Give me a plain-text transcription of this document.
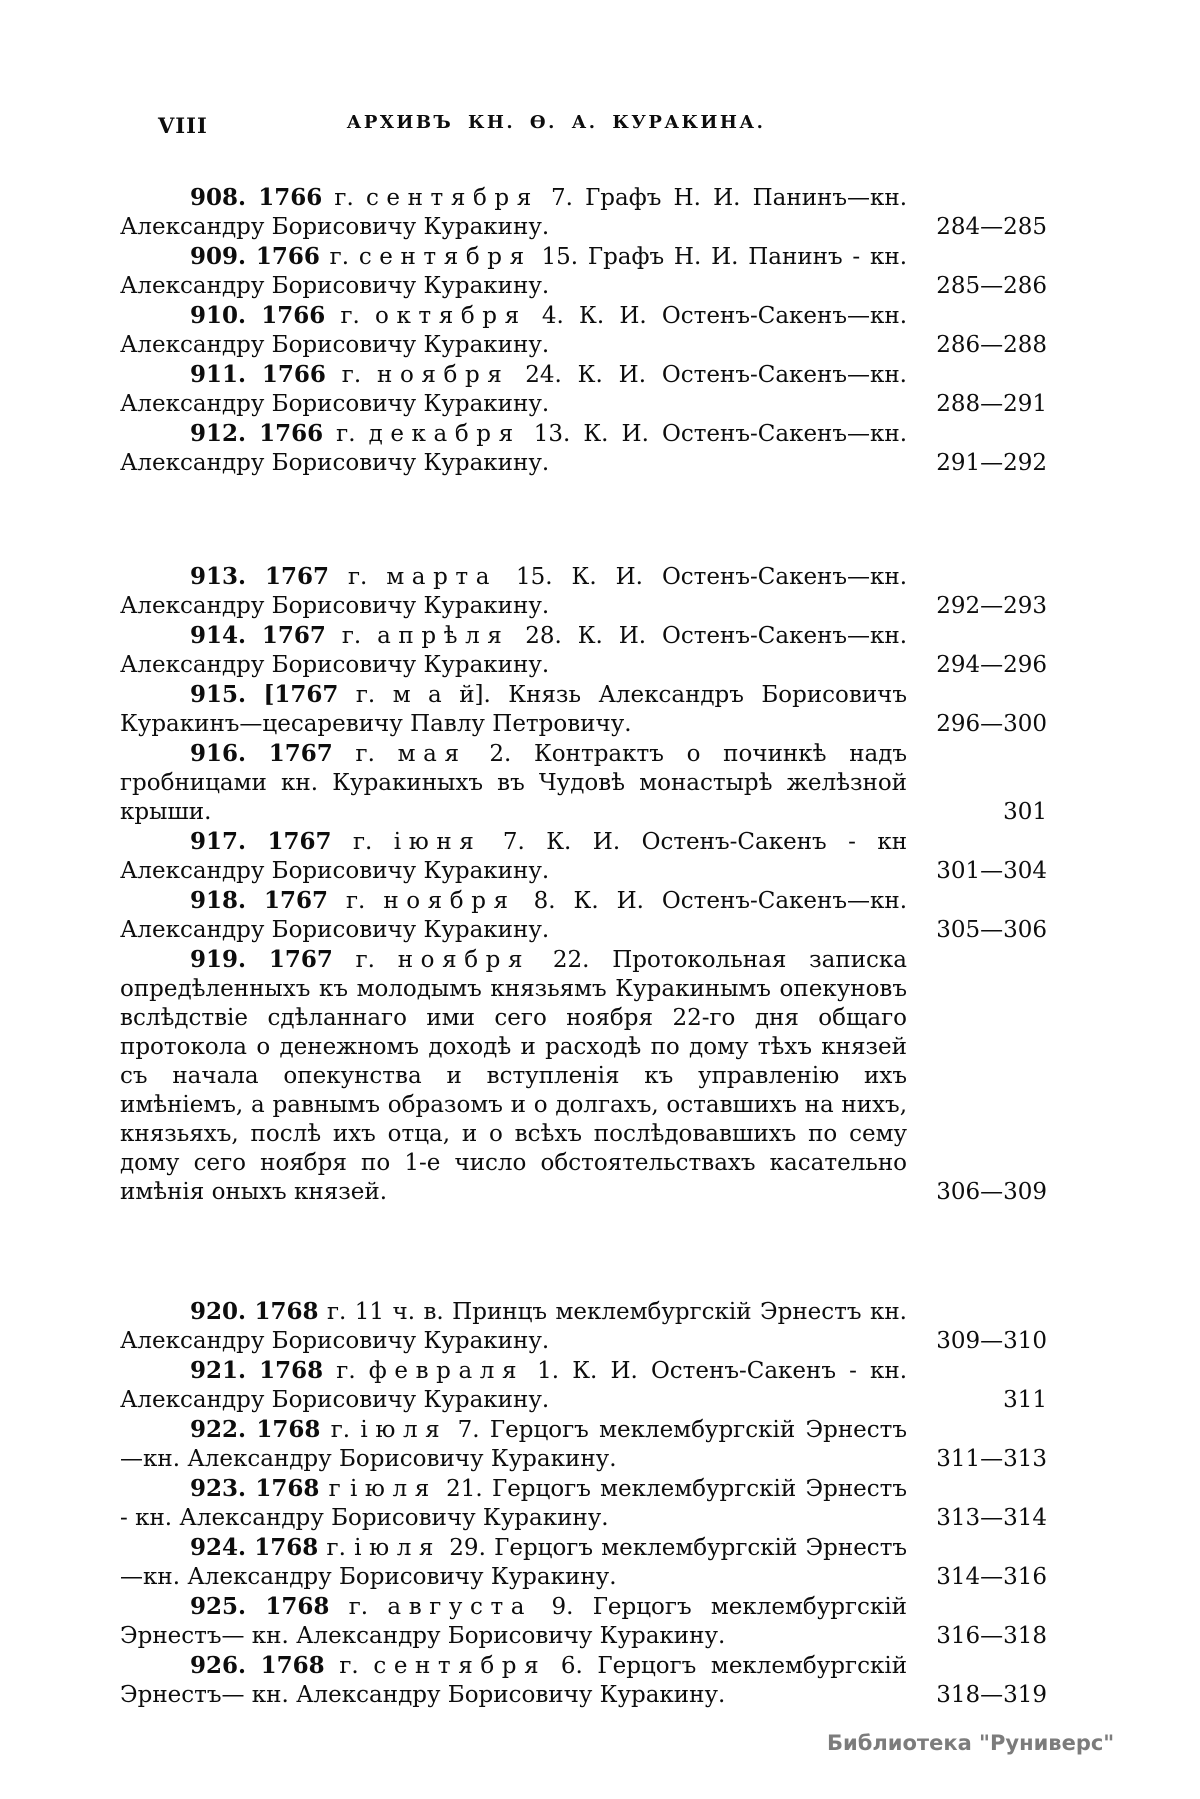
VIII	АРХИВЪ КН. Ѳ. А. КУРАКИНА.

908. 1766 г. сентября 7. Графъ Н. И. Панинъ—кн. Александру Борисовичу Куракину.	284—285

909. 1766 г. сентября 15. Графъ Н. И. Панинъ - кн. Александру Борисовичу Куракину.	285—286

910. 1766 г. октября 4. К. И. Остенъ-Сакенъ—кн. Александру Борисовичу Куракину.	286—288

911. 1766 г. ноября 24. К. И. Остенъ-Сакенъ—кн. Александру Борисовичу Куракину.	288—291

912. 1766 г. декабря 13. К. И. Остенъ-Сакенъ—кн. Александру Борисовичу Куракину.	291—292

913. 1767 г. марта 15. К. И. Остенъ-Сакенъ—кн. Александру Борисовичу Куракину.	292—293

914. 1767 г. апрѣля 28. К. И. Остенъ-Сакенъ—кн. Александру Борисовичу Куракину.	294—296

915. [1767 г. м а й]. Князь Александръ Борисовичъ Куракинъ—цесаревичу Павлу Петровичу.	296—300

916. 1767 г. мая 2. Контрактъ о починкѣ надъ гробницами кн. Куракиныхъ въ Чудовѣ монастырѣ желѣзной крыши.	301

917. 1767 г. іюня 7. К. И. Остенъ-Сакенъ - кн Александру Борисовичу Куракину.	301—304

918. 1767 г. ноября 8. К. И. Остенъ-Сакенъ—кн. Александру Борисовичу Куракину.	305—306

919. 1767 г. ноября 22. Протокольная записка опредѣленныхъ къ молодымъ князьямъ Куракинымъ опекуновъ вслѣдствіе сдѣланнаго ими сего ноября 22-го дня общаго протокола о денежномъ доходѣ и расходѣ по дому тѣхъ князей съ начала опекунства и вступленія къ управленію ихъ имѣніемъ, а равнымъ образомъ и о долгахъ, оставшихъ на нихъ, князьяхъ, послѣ ихъ отца, и о всѣхъ послѣдовавшихъ по сему дому сего ноября по 1-е число обстоятельствахъ касательно имѣнія оныхъ князей.	306—309

920. 1768 г. 11 ч. в. Принцъ меклембургскій Эрнестъ кн. Александру Борисовичу Куракину.	309—310

921. 1768 г. февраля 1. К. И. Остенъ-Сакенъ - кн. Александру Борисовичу Куракину.	311

922. 1768 г. іюля 7. Герцогъ меклембургскій Эрнестъ—кн. Александру Борисовичу Куракину.	311—313

923. 1768 г іюля 21. Герцогъ меклембургскій Эрнестъ - кн. Александру Борисовичу Куракину.	313—314

924. 1768 г. іюля 29. Герцогъ меклембургскій Эрнестъ—кн. Александру Борисовичу Куракину.	314—316

925. 1768 г. августа 9. Герцогъ меклембургскій Эрнестъ— кн. Александру Борисовичу Куракину.	316—318

926. 1768 г. сентября 6. Герцогъ меклембургскій Эрнестъ— кн. Александру Борисовичу Куракину.	318—319

Библиотека "Руниверс"
